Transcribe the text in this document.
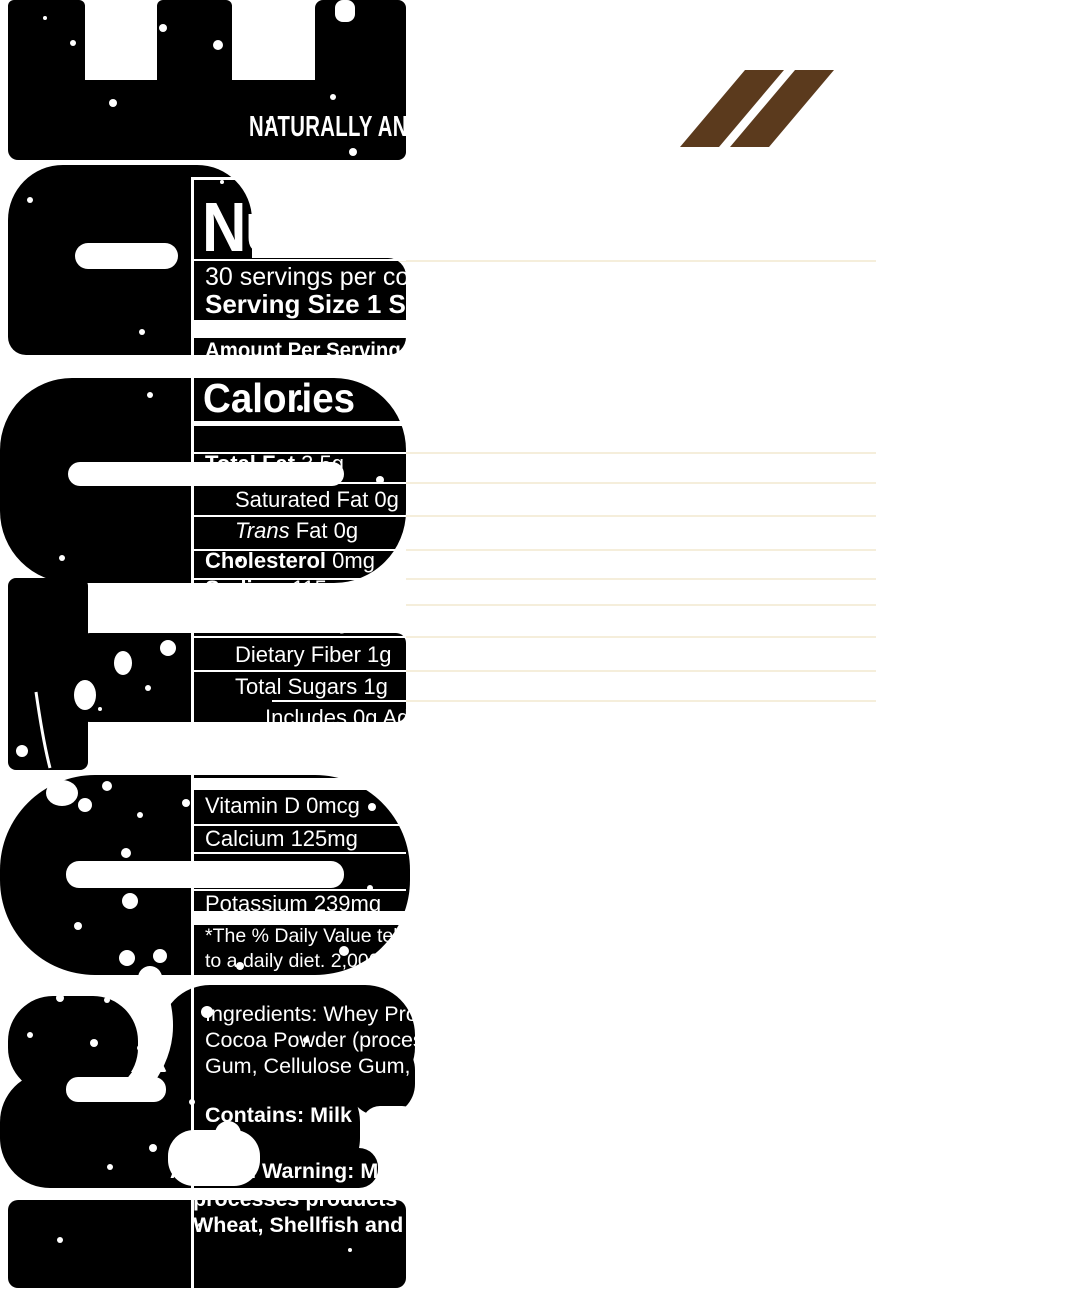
NATURALLY AND ARTIFICIALLY FLAVORED
Nutrition Facts
30 servings per container
Serving Size 1 Scoop
Amount Per Serving
Calories
Total Fat 3.5g
Saturated Fat 0g
Trans Fat 0g
Cholesterol 0mg
Sodium 115mg
Total Carbohydrate 4g
Dietary Fiber 1g
Total Sugars 1g
Includes 0g Added Sugars
Vitamin D 0mcg
Calcium 125mg
Iron 1mg
Potassium 239mg
*The % Daily Value tells you how much a nutrient in a serving of food contributes
to a daily diet. 2,000 calories a day is used for general nutrition advice.
Ingredients: Whey Protein Isolate (Milk), Natural & Artificial Flavors,
Cocoa Powder (processed with Alkali), Salt, Xanthan
Gum, Cellulose Gum, Sucralose, Acesulfame Potassium
Contains: Milk
Allergen Warning: Manufactured in a facility that also
processes products containing Milk, Egg, Soy, Peanuts, Tree Nuts,
Wheat, Shellfish and Fish.
